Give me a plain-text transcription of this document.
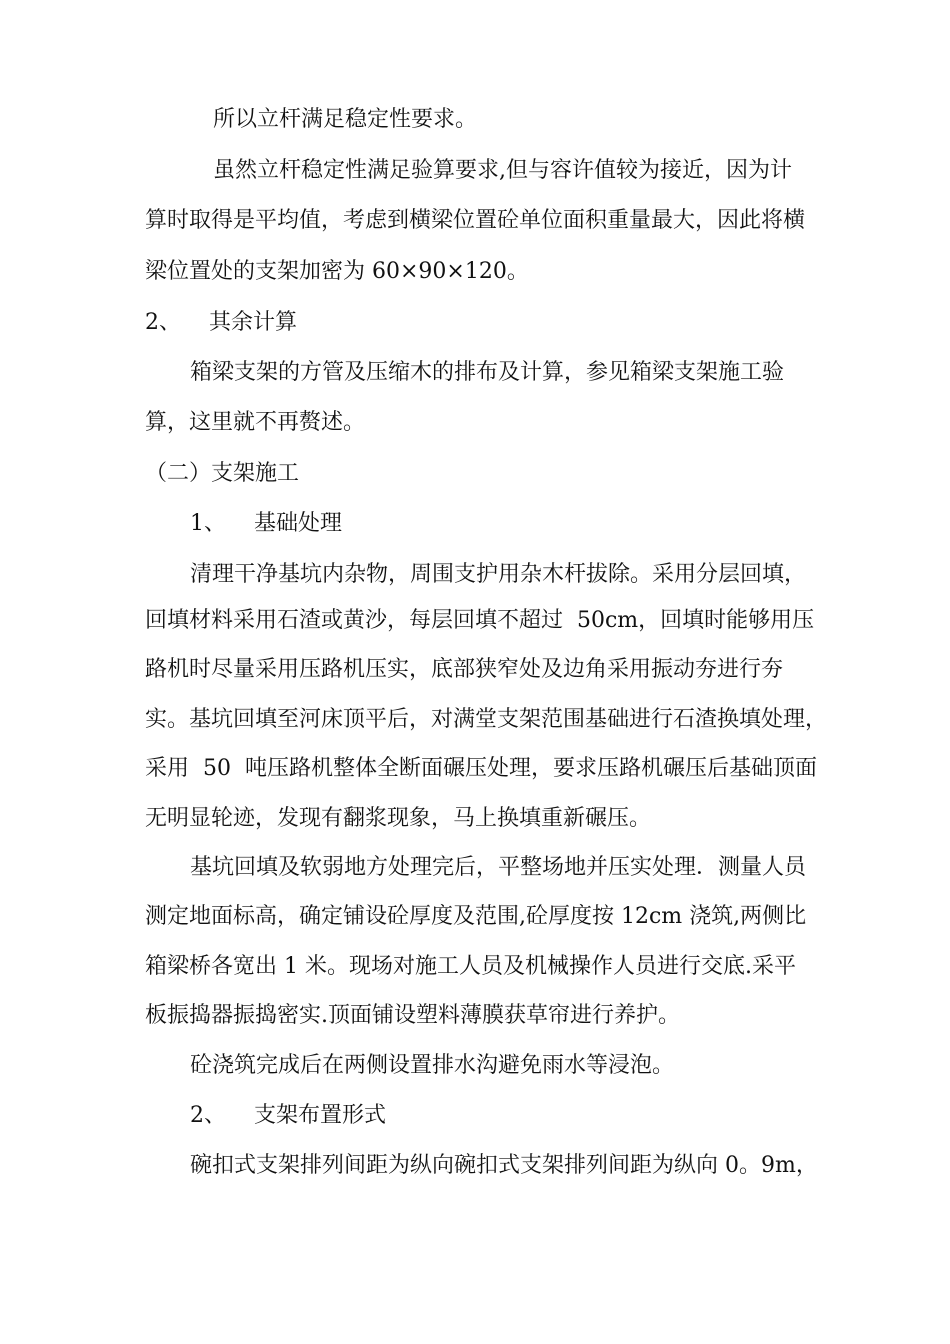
所以立杆满足稳定性要求。
虽然立杆稳定性满足验算要求,但与容许值较为接近，因为计
算时取得是平均值，考虑到横梁位置砼单位面积重量最大，因此将横
梁位置处的支架加密为 60×90×120。
2、    其余计算
箱梁支架的方管及压缩木的排布及计算，参见箱梁支架施工验
算，这里就不再赘述。
（二）支架施工
1、    基础处理
清理干净基坑内杂物，周围支护用杂木杆拔除。采用分层回填，
回填材料采用石渣或黄沙，每层回填不超过  50cm，回填时能够用压
路机时尽量采用压路机压实，底部狭窄处及边角采用振动夯进行夯
实。基坑回填至河床顶平后，对满堂支架范围基础进行石渣换填处理，
采用  50  吨压路机整体全断面碾压处理，要求压路机碾压后基础顶面
无明显轮迹，发现有翻浆现象，马上换填重新碾压。
基坑回填及软弱地方处理完后，平整场地并压实处理．测量人员
测定地面标高，确定铺设砼厚度及范围,砼厚度按 12cm 浇筑,两侧比
箱梁桥各宽出 1 米。现场对施工人员及机械操作人员进行交底.采平
板振捣器振捣密实.顶面铺设塑料薄膜获草帘进行养护。
砼浇筑完成后在两侧设置排水沟避免雨水等浸泡。
2、    支架布置形式
碗扣式支架排列间距为纵向碗扣式支架排列间距为纵向 0。9m，
